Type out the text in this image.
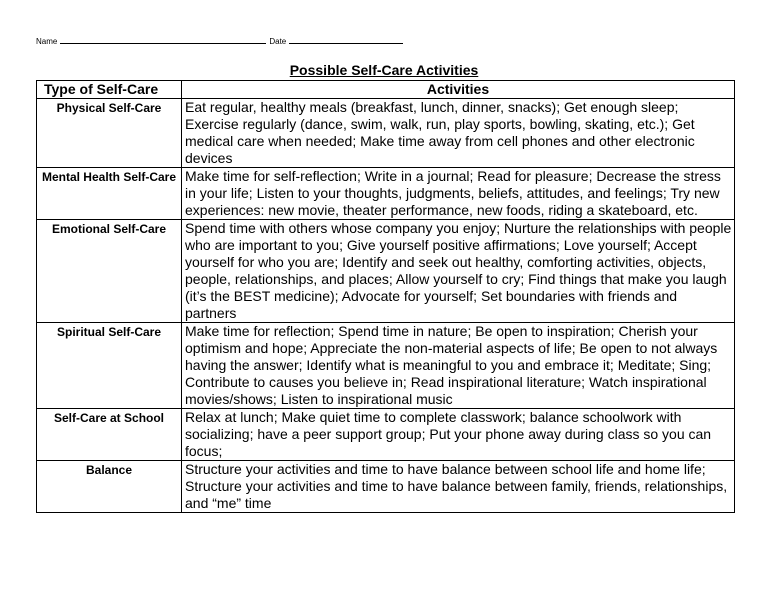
Name	Date
Possible Self-Care Activities
Type of Self-Care	Activities
Physical Self-Care	Eat regular, healthy meals (breakfast, lunch, dinner, snacks); Get enough sleep; Exercise regularly (dance, swim, walk, run, play sports, bowling, skating, etc.); Get medical care when needed; Make time away from cell phones and other electronic devices
Mental Health Self-Care	Make time for self-reflection; Write in a journal; Read for pleasure; Decrease the stress in your life; Listen to your thoughts, judgments, beliefs, attitudes, and feelings; Try new experiences: new movie, theater performance, new foods, riding a skateboard, etc.
Emotional Self-Care	Spend time with others whose company you enjoy; Nurture the relationships with people who are important to you; Give yourself positive affirmations; Love yourself; Accept yourself for who you are; Identify and seek out healthy, comforting activities, objects, people, relationships, and places; Allow yourself to cry; Find things that make you laugh (it’s the BEST medicine); Advocate for yourself; Set boundaries with friends and partners
Spiritual Self-Care	Make time for reflection; Spend time in nature; Be open to inspiration; Cherish your optimism and hope; Appreciate the non-material aspects of life; Be open to not always having the answer; Identify what is meaningful to you and embrace it; Meditate; Sing; Contribute to causes you believe in; Read inspirational literature; Watch inspirational movies/shows; Listen to inspirational music
Self-Care at School	Relax at lunch; Make quiet time to complete classwork; balance schoolwork with socializing; have a peer support group; Put your phone away during class so you can focus;
Balance	Structure your activities and time to have balance between school life and home life; Structure your activities and time to have balance between family, friends, relationships, and “me” time
